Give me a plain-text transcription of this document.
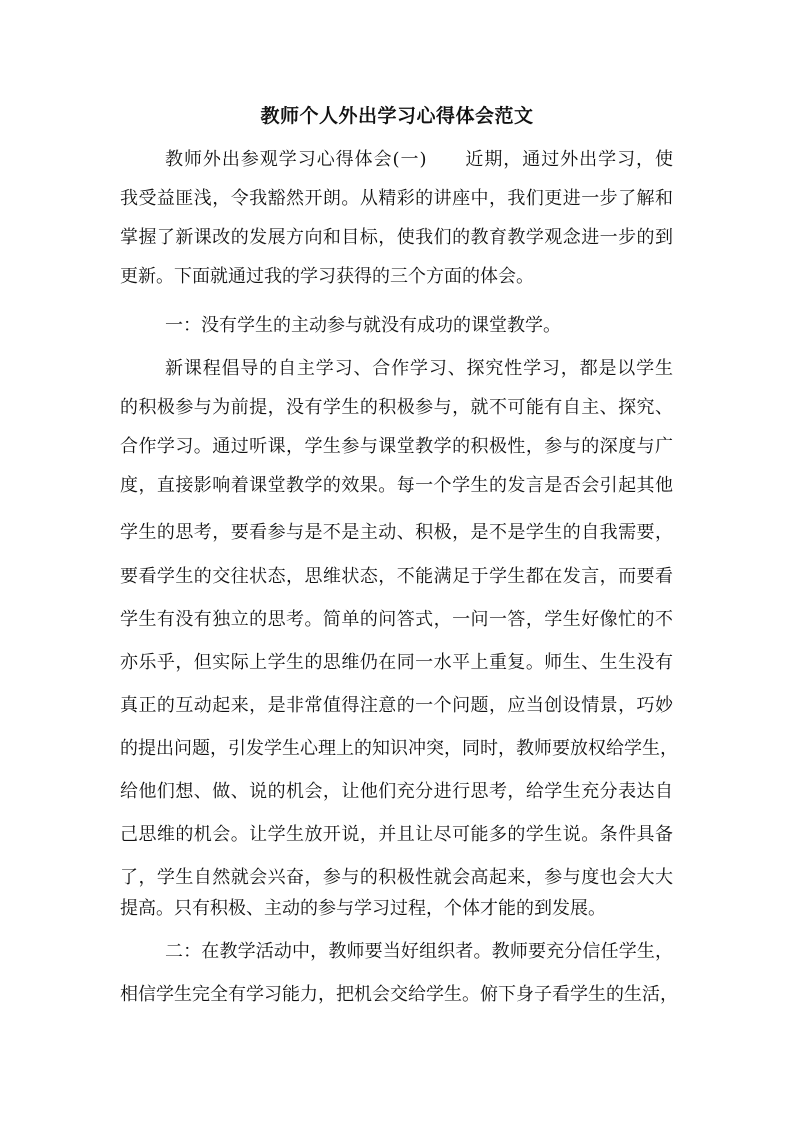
教师个人外出学习心得体会范文
教师外出参观学习心得体会(一)　　近期，通过外出学习，使
我受益匪浅，令我豁然开朗。从精彩的讲座中，我们更进一步了解和
掌握了新课改的发展方向和目标，使我们的教育教学观念进一步的到
更新。下面就通过我的学习获得的三个方面的体会。
一：没有学生的主动参与就没有成功的课堂教学。
新课程倡导的自主学习、合作学习、探究性学习，都是以学生
的积极参与为前提，没有学生的积极参与，就不可能有自主、探究、
合作学习。通过听课，学生参与课堂教学的积极性，参与的深度与广
度，直接影响着课堂教学的效果。每一个学生的发言是否会引起其他
学生的思考，要看参与是不是主动、积极，是不是学生的自我需要，
要看学生的交往状态，思维状态，不能满足于学生都在发言，而要看
学生有没有独立的思考。简单的问答式，一问一答，学生好像忙的不
亦乐乎，但实际上学生的思维仍在同一水平上重复。师生、生生没有
真正的互动起来，是非常值得注意的一个问题，应当创设情景，巧妙
的提出问题，引发学生心理上的知识冲突，同时，教师要放权给学生，
给他们想、做、说的机会，让他们充分进行思考，给学生充分表达自
己思维的机会。让学生放开说，并且让尽可能多的学生说。条件具备
了，学生自然就会兴奋，参与的积极性就会高起来，参与度也会大大
提高。只有积极、主动的参与学习过程，个体才能的到发展。
二：在教学活动中，教师要当好组织者。教师要充分信任学生，
相信学生完全有学习能力，把机会交给学生。俯下身子看学生的生活，
